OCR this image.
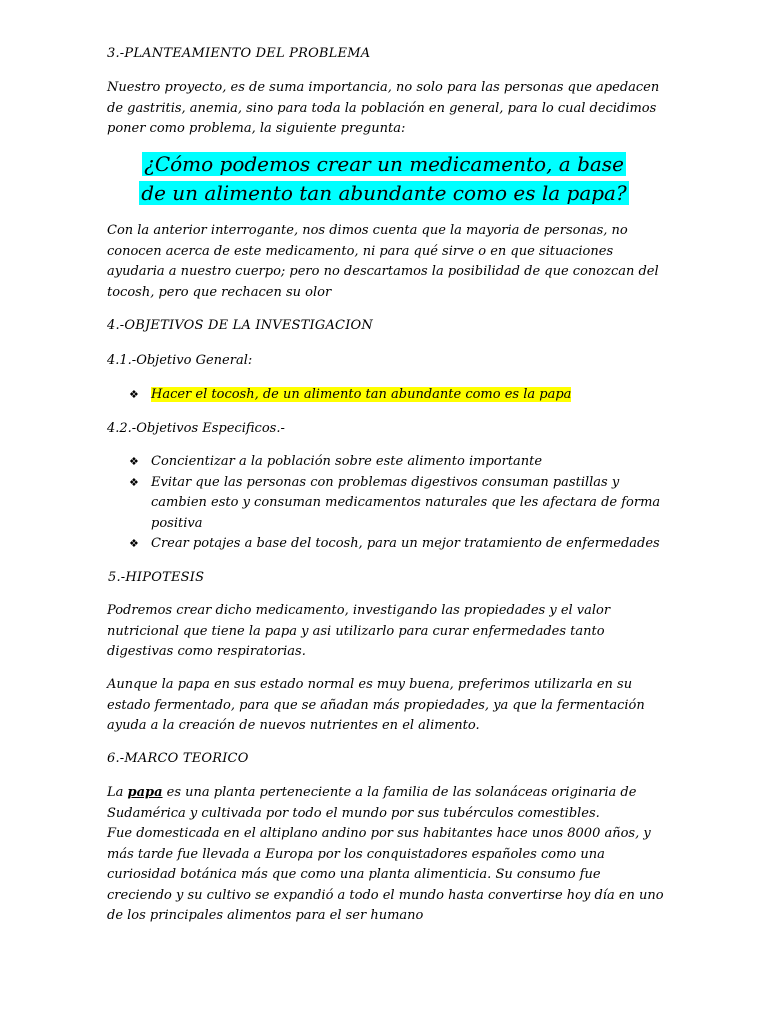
3.-PLANTEAMIENTO DEL PROBLEMA

Nuestro proyecto, es de suma importancia, no solo para las personas que apedacen de gastritis, anemia, sino para toda la población en general, para lo cual decidimos poner como problema, la siguiente pregunta:

¿Cómo podemos crear un medicamento, a base de un alimento tan abundante como es la papa?

Con la anterior interrogante, nos dimos cuenta que la mayoria de personas, no conocen acerca de este medicamento, ni para qué sirve o en que situaciones ayudaria a nuestro cuerpo; pero no descartamos la posibilidad de que conozcan del tocosh, pero que rechacen su olor

4.-OBJETIVOS DE LA INVESTIGACION

4.1.-Objetivo General:

❖ Hacer el tocosh, de un alimento tan abundante como es la papa

4.2.-Objetivos Especificos.-

❖ Concientizar a la población sobre este alimento importante
❖ Evitar que las personas con problemas digestivos consuman pastillas y cambien esto y consuman medicamentos naturales que les afectara de forma positiva
❖ Crear potajes a base del tocosh, para un mejor tratamiento de enfermedades

5.-HIPOTESIS

Podremos crear dicho medicamento, investigando las propiedades y el valor nutricional que tiene la papa y asi utilizarlo para curar enfermedades tanto digestivas como respiratorias.

Aunque la papa en sus estado normal es muy buena, preferimos utilizarla en su estado fermentado, para que se añadan más propiedades, ya que la fermentación ayuda a la creación de nuevos nutrientes en el alimento.

6.-MARCO TEORICO

La papa es una planta perteneciente a la familia de las solanáceas originaria de Sudamérica y cultivada por todo el mundo por sus tubérculos comestibles.

Fue domesticada en el altiplano andino por sus habitantes hace unos 8000 años, y más tarde fue llevada a Europa por los conquistadores españoles como una curiosidad botánica más que como una planta alimenticia. Su consumo fue creciendo y su cultivo se expandió a todo el mundo hasta convertirse hoy día en uno de los principales alimentos para el ser humano
